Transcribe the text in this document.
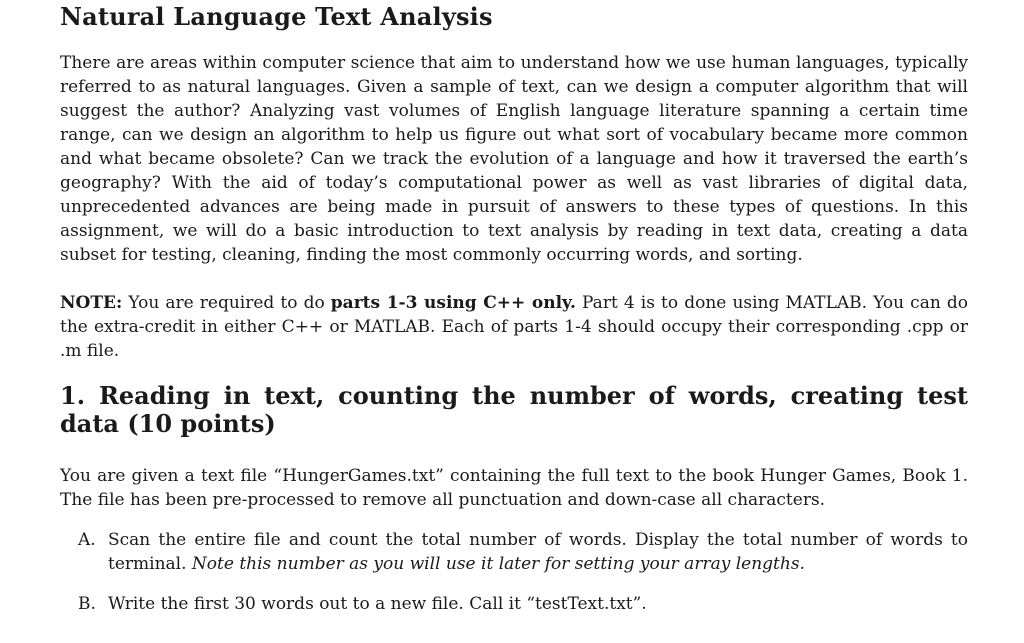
Natural Language Text Analysis

There are areas within computer science that aim to understand how we use human languages, typically referred to as natural languages. Given a sample of text, can we design a computer algorithm that will suggest the author? Analyzing vast volumes of English language literature spanning a certain time range, can we design an algorithm to help us figure out what sort of vocabulary became more common and what became obsolete? Can we track the evolution of a language and how it traversed the earth’s geography? With the aid of today’s computational power as well as vast libraries of digital data, unprecedented advances are being made in pursuit of answers to these types of questions. In this assignment, we will do a basic introduction to text analysis by reading in text data, creating a data subset for testing, cleaning, finding the most commonly occurring words, and sorting.

NOTE: You are required to do parts 1-3 using C++ only. Part 4 is to done using MATLAB. You can do the extra-credit in either C++ or MATLAB. Each of parts 1-4 should occupy their corresponding .cpp or .m file.

1. Reading in text, counting the number of words, creating test data (10 points)

You are given a text file “HungerGames.txt” containing the full text to the book Hunger Games, Book 1. The file has been pre-processed to remove all punctuation and down-case all characters.

A. Scan the entire file and count the total number of words. Display the total number of words to terminal. Note this number as you will use it later for setting your array lengths.
B. Write the first 30 words out to a new file. Call it “testText.txt”.
